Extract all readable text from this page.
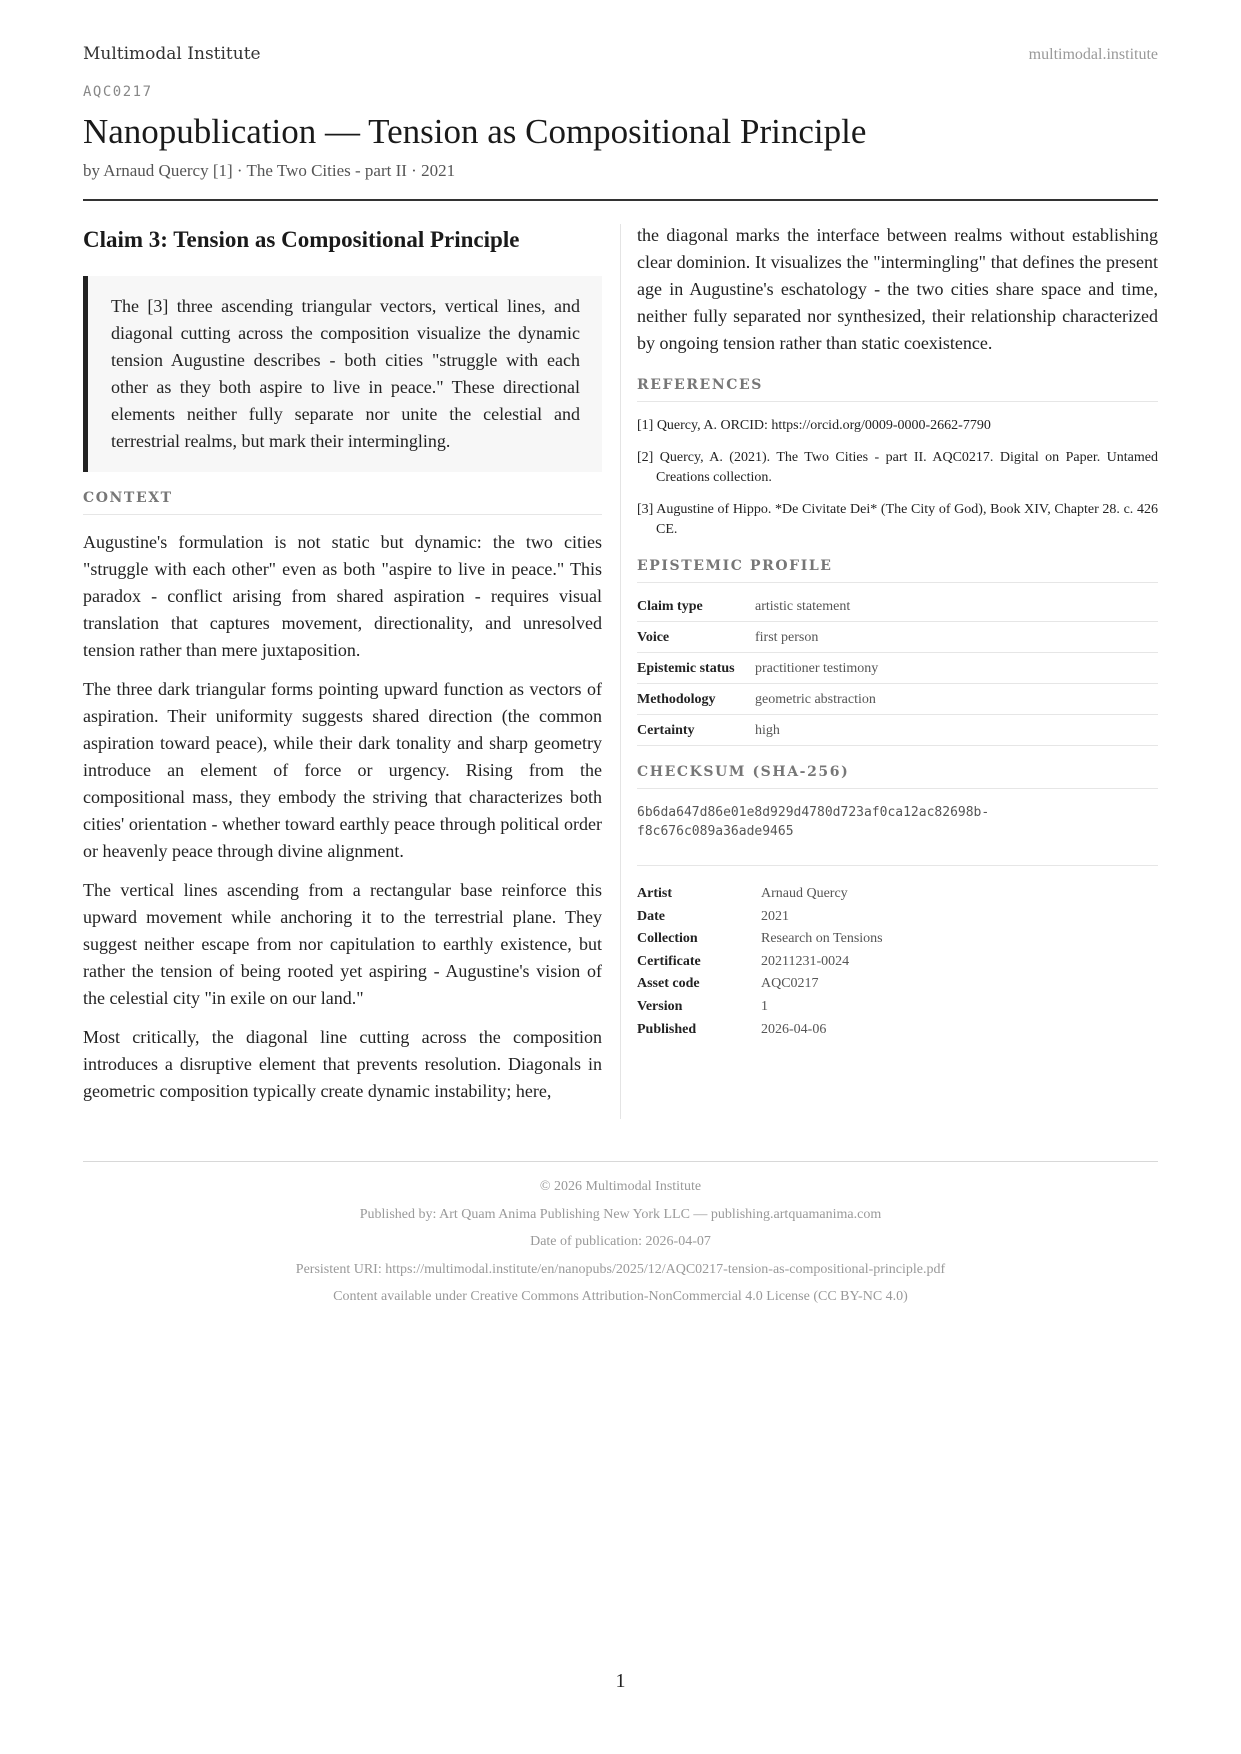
Multimodal Institute	multimodal.institute
AQC0217
Nanopublication — Tension as Compositional Principle
by Arnaud Quercy [1] · The Two Cities - part II · 2021
Claim 3: Tension as Compositional Principle
The [3] three ascending triangular vectors, vertical lines, and diagonal cutting across the composition visualize the dynamic tension Augustine describes - both cities "struggle with each other as they both aspire to live in peace." These directional elements neither fully separate nor unite the celestial and terrestrial realms, but mark their intermingling.
CONTEXT

Augustine's formulation is not static but dynamic: the two cities "struggle with each other" even as both "aspire to live in peace." This paradox - conflict arising from shared aspiration - requires visual translation that captures movement, directionality, and unresolved tension rather than mere juxtaposition.

The three dark triangular forms pointing upward function as vectors of aspiration. Their uniformity suggests shared direction (the common aspiration toward peace), while their dark tonality and sharp geometry introduce an element of force or urgency. Rising from the compositional mass, they embody the striving that characterizes both cities' orientation - whether toward earthly peace through political order or heavenly peace through divine alignment.

The vertical lines ascending from a rectangular base reinforce this upward movement while anchoring it to the terrestrial plane. They suggest neither escape from nor capitulation to earthly existence, but rather the tension of being rooted yet aspiring - Augustine's vision of the celestial city "in exile on our land."

Most critically, the diagonal line cutting across the composition introduces a disruptive element that prevents resolution. Diagonals in geometric composition typically create dynamic instability; here,

the diagonal marks the interface between realms without establishing clear dominion. It visualizes the "intermingling" that defines the present age in Augustine's eschatology - the two cities share space and time, neither fully separated nor synthesized, their relationship characterized by ongoing tension rather than static coexistence.

REFERENCES

[1] Quercy, A. ORCID: https://orcid.org/0009-0000-2662-7790

[2] Quercy, A. (2021). The Two Cities - part II. AQC0217. Digital on Paper. Untamed Creations collection.

[3] Augustine of Hippo. *De Civitate Dei* (The City of God), Book XIV, Chapter 28. c. 426 CE.

EPISTEMIC PROFILE
Claim type	artistic statement
Voice	first person
Epistemic status	practitioner testimony
Methodology	geometric abstraction
Certainty	high
CHECKSUM (SHA-256)
6b6da647d86e01e8d929d4780d723af0ca12ac82698b-
f8c676c089a36ade9465
Artist	Arnaud Quercy
Date	2021
Collection	Research on Tensions
Certificate	20211231-0024
Asset code	AQC0217
Version	1
Published	2026-04-06
© 2026 Multimodal Institute
Published by: Art Quam Anima Publishing New York LLC — publishing.artquamanima.com
Date of publication: 2026-04-07
Persistent URI: https://multimodal.institute/en/nanopubs/2025/12/AQC0217-tension-as-compositional-principle.pdf
Content available under Creative Commons Attribution-NonCommercial 4.0 License (CC BY-NC 4.0)
1
